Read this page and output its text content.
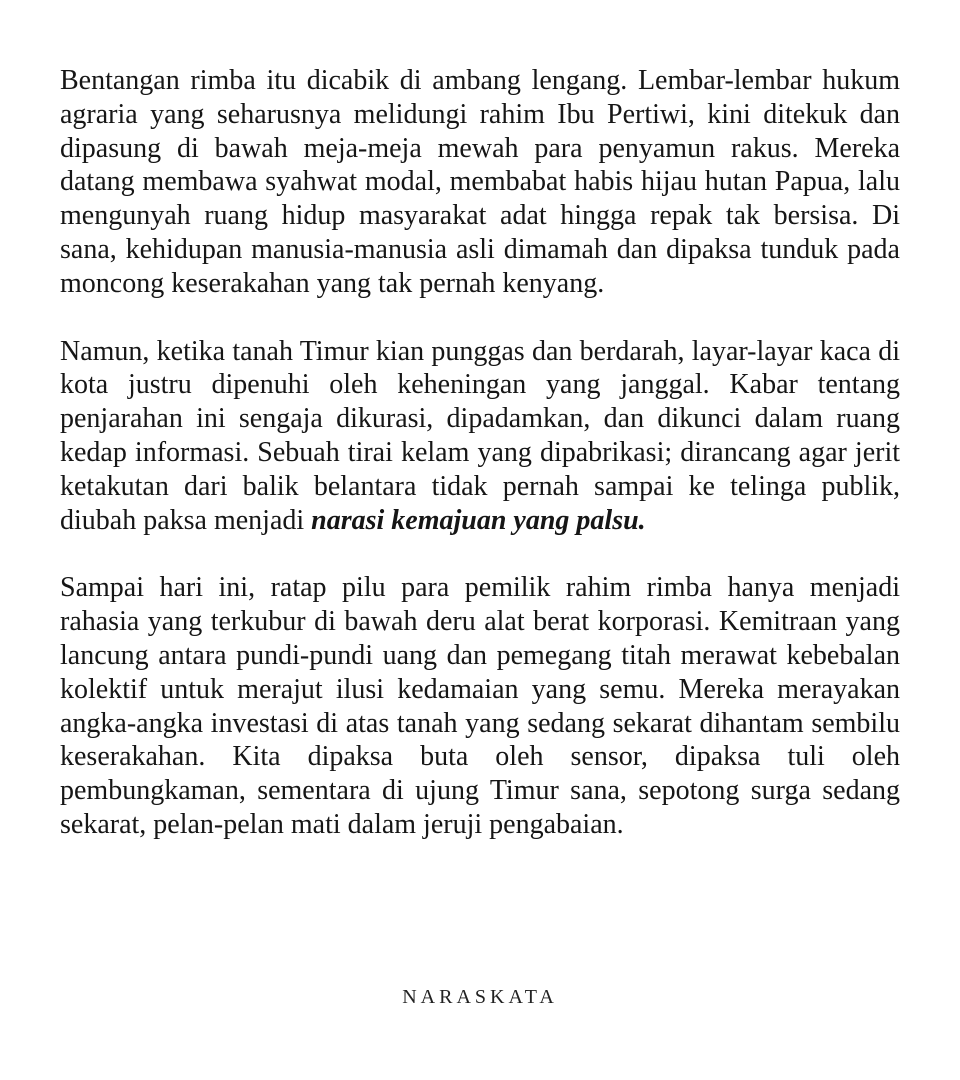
Bentangan rimba itu dicabik di ambang lengang. Lembar-lembar hukum agraria yang seharusnya melidungi rahim Ibu Pertiwi, kini ditekuk dan dipasung di bawah meja-meja mewah para penyamun rakus. Mereka datang membawa syahwat modal, membabat habis hijau hutan Papua, lalu mengunyah ruang hidup masyarakat adat hingga repak tak bersisa. Di sana, kehidupan manusia-manusia asli dimamah dan dipaksa tunduk pada moncong keserakahan yang tak pernah kenyang.

Namun, ketika tanah Timur kian punggas dan berdarah, layar-layar kaca di kota justru dipenuhi oleh keheningan yang janggal. Kabar tentang penjarahan ini sengaja dikurasi, dipadamkan, dan dikunci dalam ruang kedap informasi. Sebuah tirai kelam yang dipabrikasi; dirancang agar jerit ketakutan dari balik belantara tidak pernah sampai ke telinga publik, diubah paksa menjadi narasi kemajuan yang palsu.

Sampai hari ini, ratap pilu para pemilik rahim rimba hanya menjadi rahasia yang terkubur di bawah deru alat berat korporasi. Kemitraan yang lancung antara pundi-pundi uang dan pemegang titah merawat kebebalan kolektif untuk merajut ilusi kedamaian yang semu. Mereka merayakan angka-angka investasi di atas tanah yang sedang sekarat dihantam sembilu keserakahan. Kita dipaksa buta oleh sensor, dipaksa tuli oleh pembungkaman, sementara di ujung Timur sana, sepotong surga sedang sekarat, pelan-pelan mati dalam jeruji pengabaian.

NARASKATA
